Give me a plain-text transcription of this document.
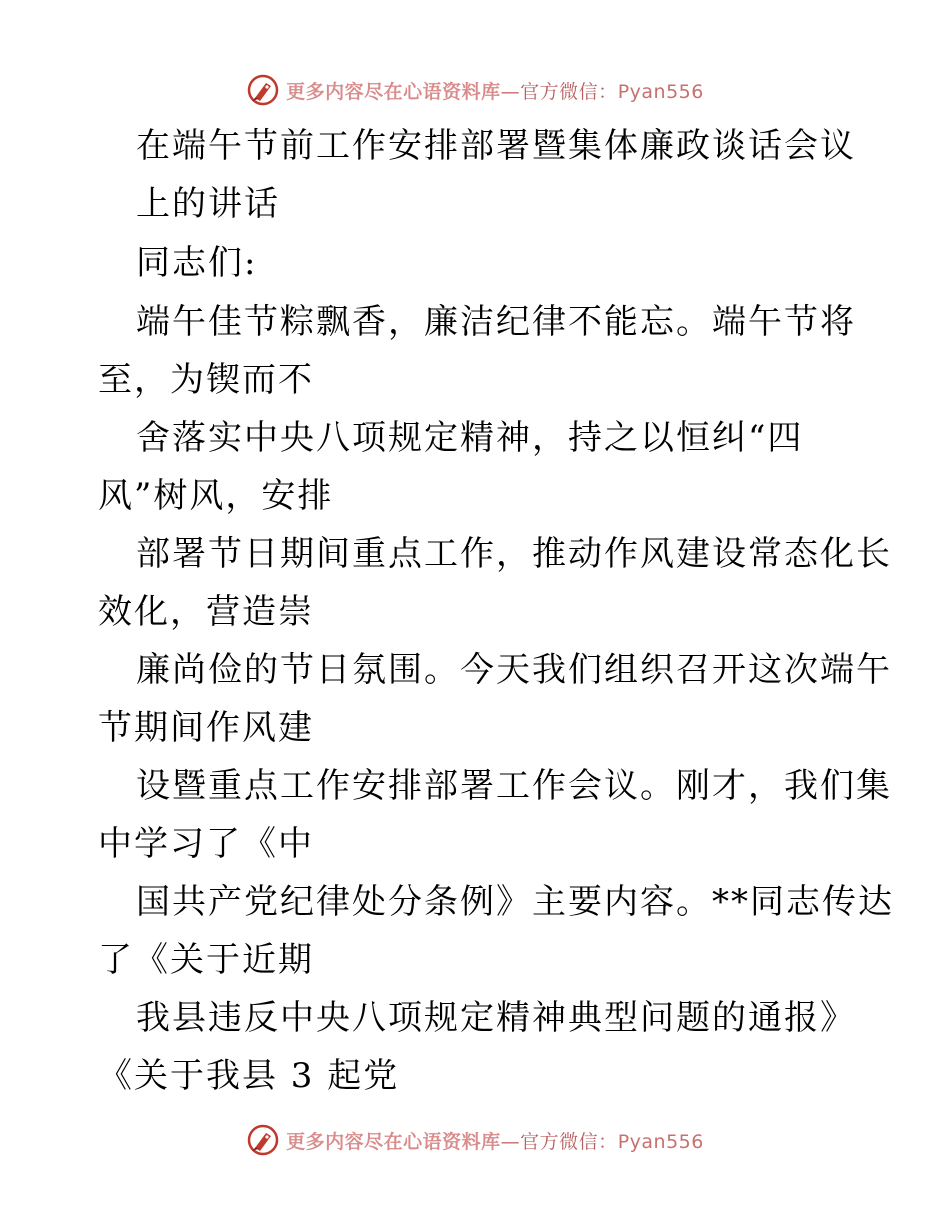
更多内容尽在心语资料库—官方微信：Pyan556
在端午节前工作安排部署暨集体廉政谈话会议
上的讲话
同志们:
端午佳节粽飘香，廉洁纪律不能忘。端午节将
至，为锲而不
舍落实中央八项规定精神，持之以恒纠“四
风”树风，安排
部署节日期间重点工作，推动作风建设常态化长
效化，营造崇
廉尚俭的节日氛围。今天我们组织召开这次端午
节期间作风建
设暨重点工作安排部署工作会议。刚才，我们集
中学习了《中
国共产党纪律处分条例》主要内容。**同志传达
了《关于近期
我县违反中央八项规定精神典型问题的通报》
《关于我县 3 起党
更多内容尽在心语资料库—官方微信：Pyan556
